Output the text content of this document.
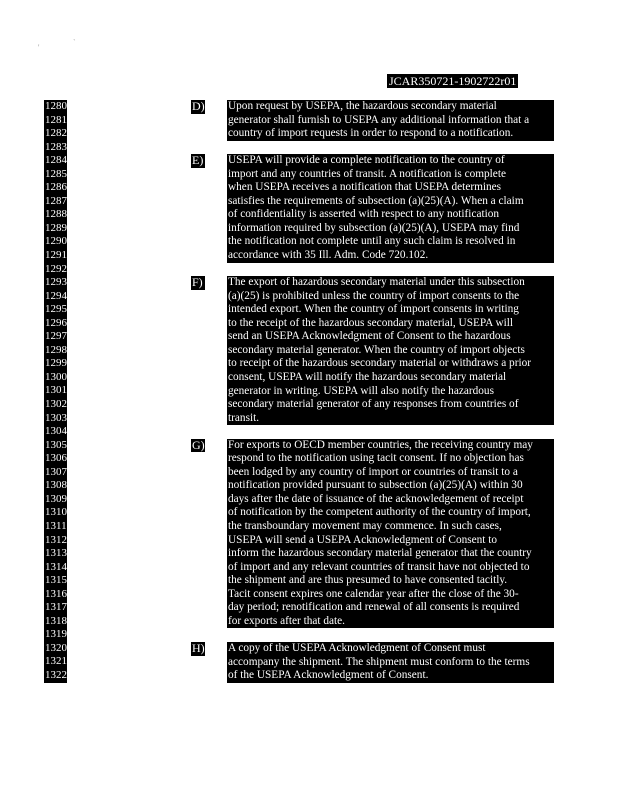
'
`
JCAR350721-1902722r01
1280
1281
1282
1283
1284
1285
1286
1287
1288
1289
1290
1291
1292
1293
1294
1295
1296
1297
1298
1299
1300
1301
1302
1303
1304
1305
1306
1307
1308
1309
1310
1311
1312
1313
1314
1315
1316
1317
1318
1319
1320
1321
1322
D) Upon request by USEPA, the hazardous secondary material
generator shall furnish to USEPA any additional information that a
country of import requests in order to respond to a notification.
E) USEPA will provide a complete notification to the country of
import and any countries of transit. A notification is complete
when USEPA receives a notification that USEPA determines
satisfies the requirements of subsection (a)(25)(A). When a claim
of confidentiality is asserted with respect to any notification
information required by subsection (a)(25)(A), USEPA may find
the notification not complete until any such claim is resolved in
accordance with 35 Ill. Adm. Code 720.102.
F) The export of hazardous secondary material under this subsection
(a)(25) is prohibited unless the country of import consents to the
intended export. When the country of import consents in writing
to the receipt of the hazardous secondary material, USEPA will
send an USEPA Acknowledgment of Consent to the hazardous
secondary material generator. When the country of import objects
to receipt of the hazardous secondary material or withdraws a prior
consent, USEPA will notify the hazardous secondary material
generator in writing. USEPA will also notify the hazardous
secondary material generator of any responses from countries of
transit.
G) For exports to OECD member countries, the receiving country may
respond to the notification using tacit consent. If no objection has
been lodged by any country of import or countries of transit to a
notification provided pursuant to subsection (a)(25)(A) within 30
days after the date of issuance of the acknowledgement of receipt
of notification by the competent authority of the country of import,
the transboundary movement may commence. In such cases,
USEPA will send a USEPA Acknowledgment of Consent to
inform the hazardous secondary material generator that the country
of import and any relevant countries of transit have not objected to
the shipment and are thus presumed to have consented tacitly.
Tacit consent expires one calendar year after the close of the 30-
day period; renotification and renewal of all consents is required
for exports after that date.
H) A copy of the USEPA Acknowledgment of Consent must
accompany the shipment. The shipment must conform to the terms
of the USEPA Acknowledgment of Consent.
